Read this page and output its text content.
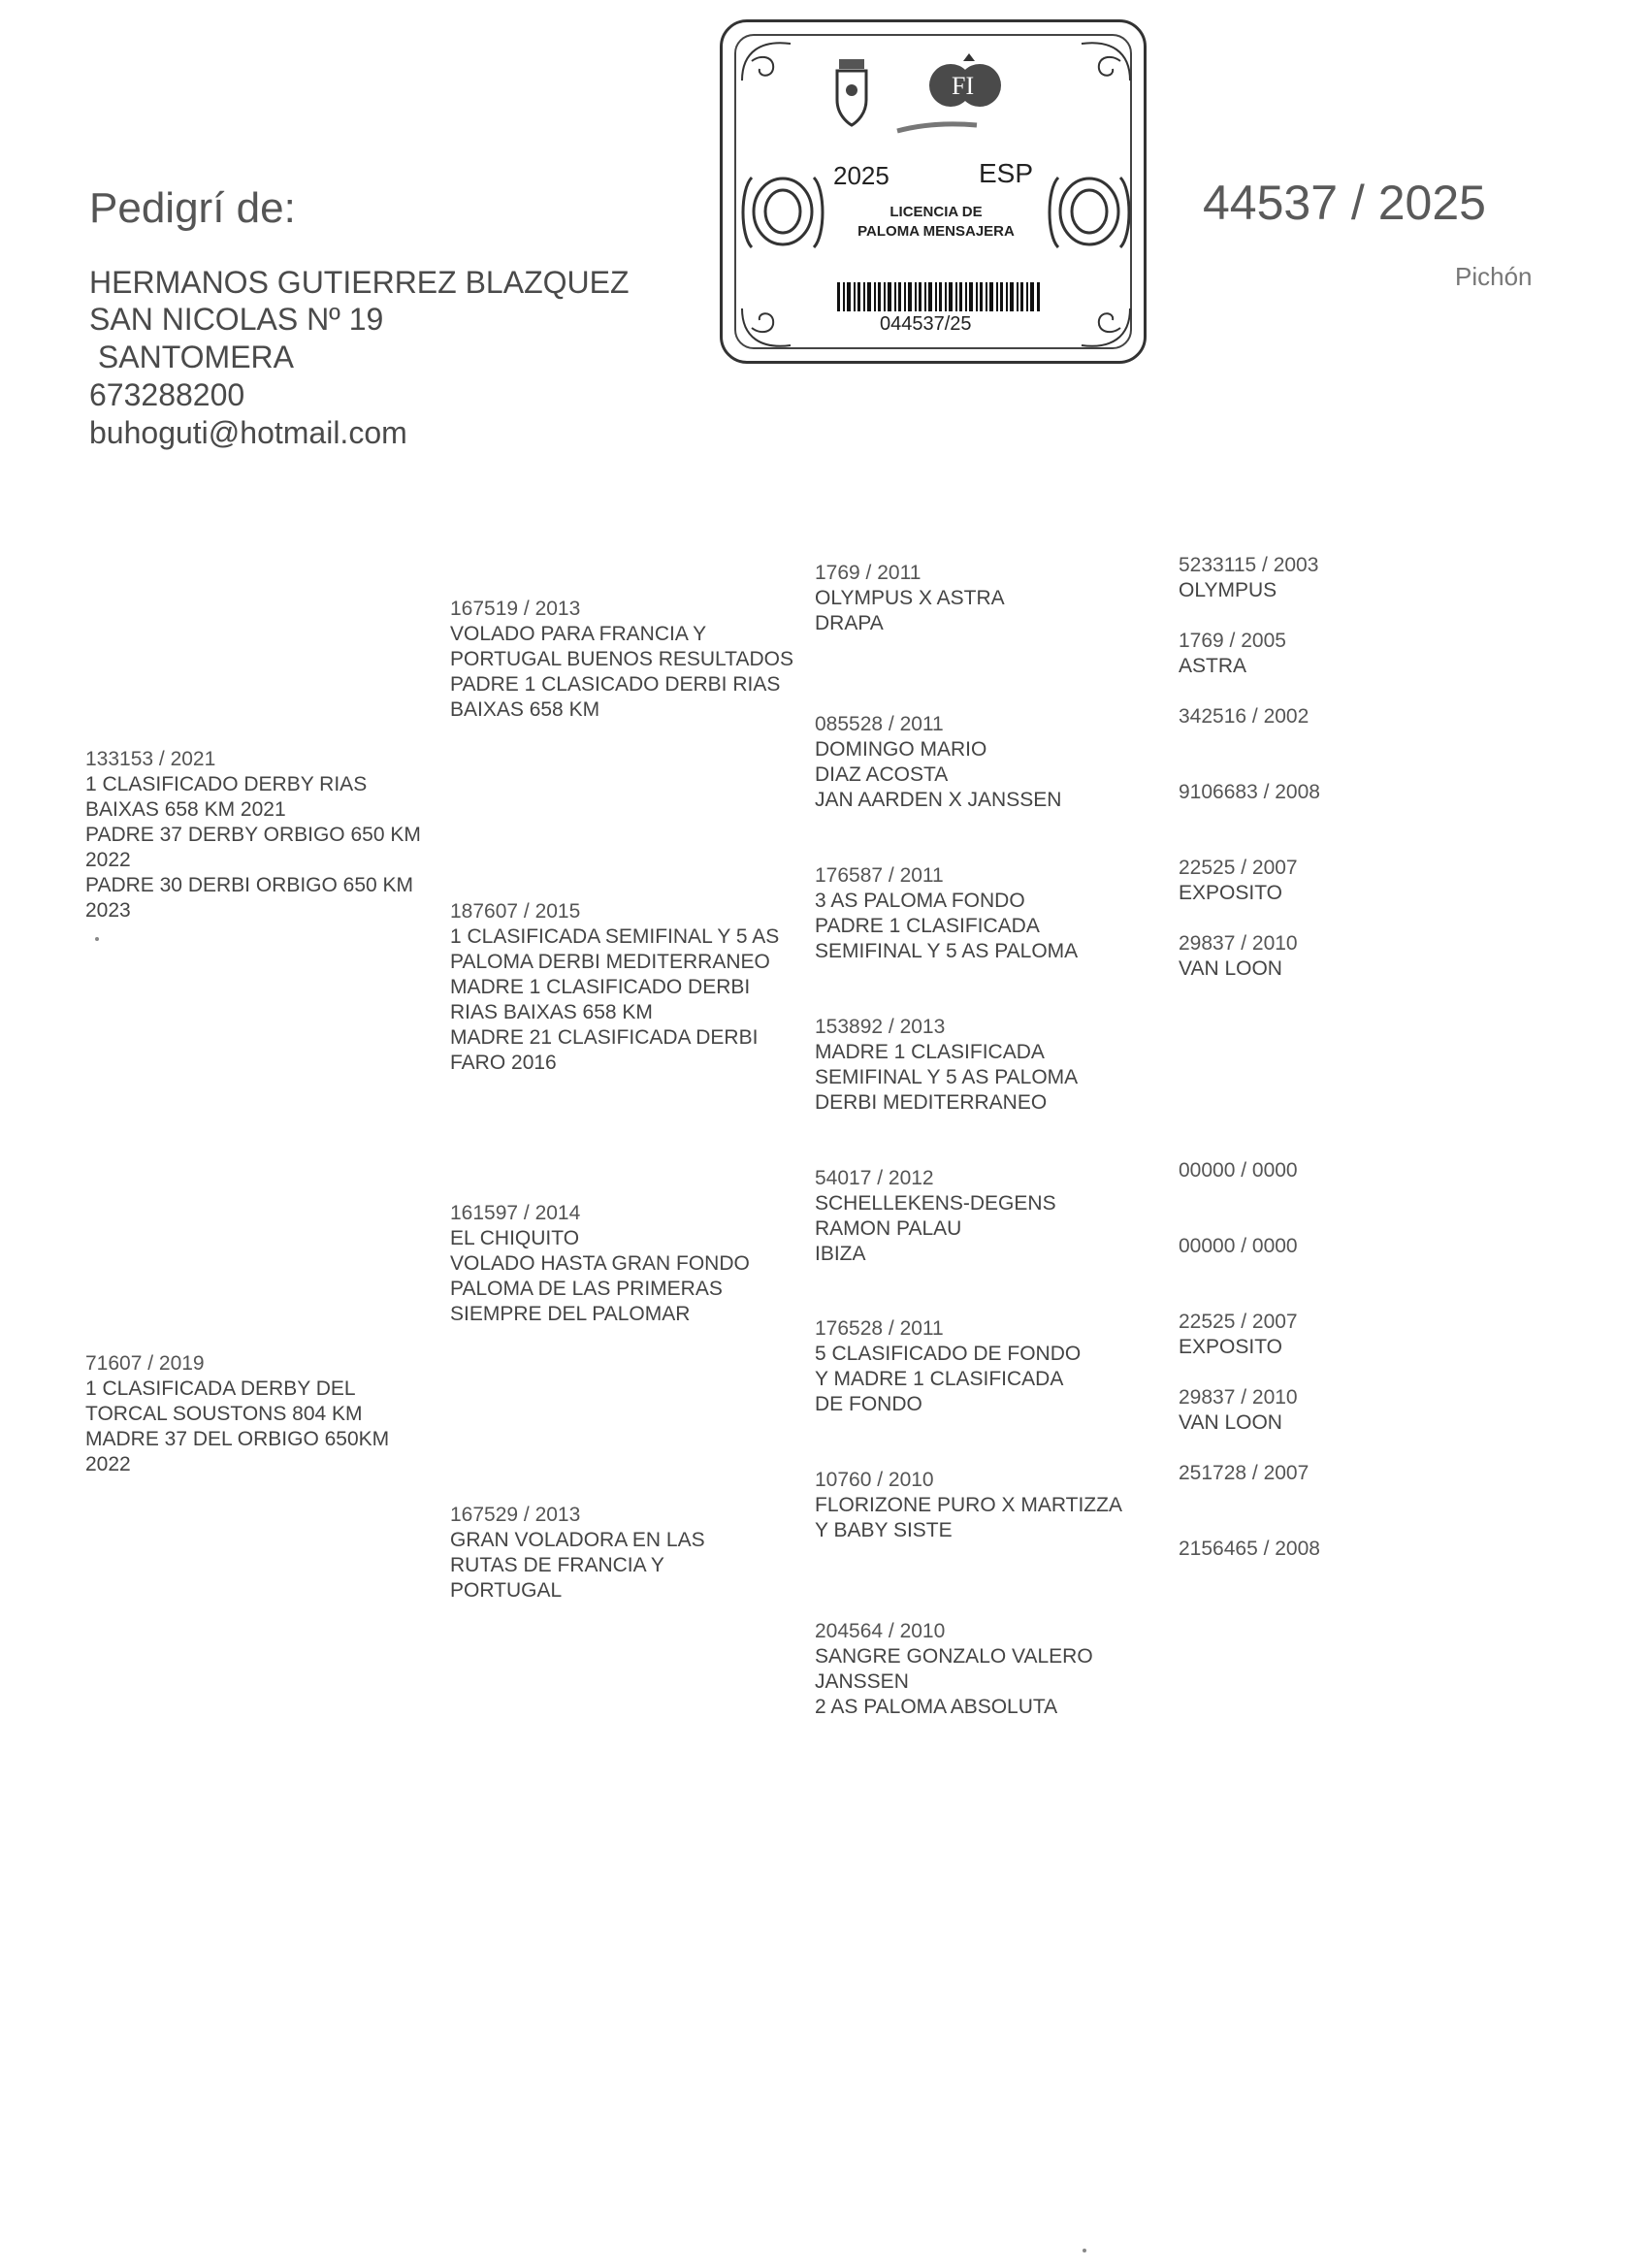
Pedigrí de:
HERMANOS GUTIERREZ BLAZQUEZ
SAN NICOLAS Nº 19
SANTOMERA
673288200
buhoguti@hotmail.com
44537 / 2025
Pichón
FI
2025	ESP
LICENCIA DE
PALOMA MENSAJERA
044537/25
133153 / 2021
1 CLASIFICADO DERBY RIAS
BAIXAS 658 KM 2021
PADRE 37 DERBY ORBIGO 650 KM
2022
PADRE 30 DERBI ORBIGO 650 KM
2023
71607 / 2019
1 CLASIFICADA DERBY DEL
TORCAL SOUSTONS 804 KM
MADRE 37 DEL ORBIGO 650KM
2022
167519 / 2013
VOLADO PARA FRANCIA Y
PORTUGAL BUENOS RESULTADOS
PADRE 1 CLASICADO DERBI RIAS
BAIXAS 658 KM
187607 / 2015
1 CLASIFICADA SEMIFINAL Y 5 AS
PALOMA DERBI MEDITERRANEO
MADRE 1 CLASIFICADO DERBI
RIAS BAIXAS 658 KM
MADRE 21 CLASIFICADA DERBI
FARO 2016
161597 / 2014
EL CHIQUITO
VOLADO HASTA GRAN FONDO
PALOMA DE LAS PRIMERAS
SIEMPRE DEL PALOMAR
167529 / 2013
GRAN VOLADORA EN LAS
RUTAS DE FRANCIA Y
PORTUGAL
1769 / 2011
OLYMPUS X ASTRA
DRAPA
085528 / 2011
DOMINGO MARIO
DIAZ ACOSTA
JAN AARDEN X JANSSEN
176587 / 2011
3 AS PALOMA FONDO
PADRE 1 CLASIFICADA
SEMIFINAL Y 5 AS PALOMA
153892 / 2013
MADRE 1 CLASIFICADA
SEMIFINAL Y 5 AS PALOMA
DERBI MEDITERRANEO
54017 / 2012
SCHELLEKENS-DEGENS
RAMON PALAU
IBIZA
176528 / 2011
5 CLASIFICADO DE FONDO
Y MADRE 1 CLASIFICADA
DE FONDO
10760 / 2010
FLORIZONE PURO X MARTIZZA
Y BABY SISTE
204564 / 2010
SANGRE GONZALO VALERO
JANSSEN
2 AS PALOMA ABSOLUTA
5233115 / 2003
OLYMPUS
1769 / 2005
ASTRA
342516 / 2002
9106683 / 2008
22525 / 2007
EXPOSITO
29837 / 2010
VAN LOON
00000 / 0000
00000 / 0000
22525 / 2007
EXPOSITO
29837 / 2010
VAN LOON
251728 / 2007
2156465 / 2008
